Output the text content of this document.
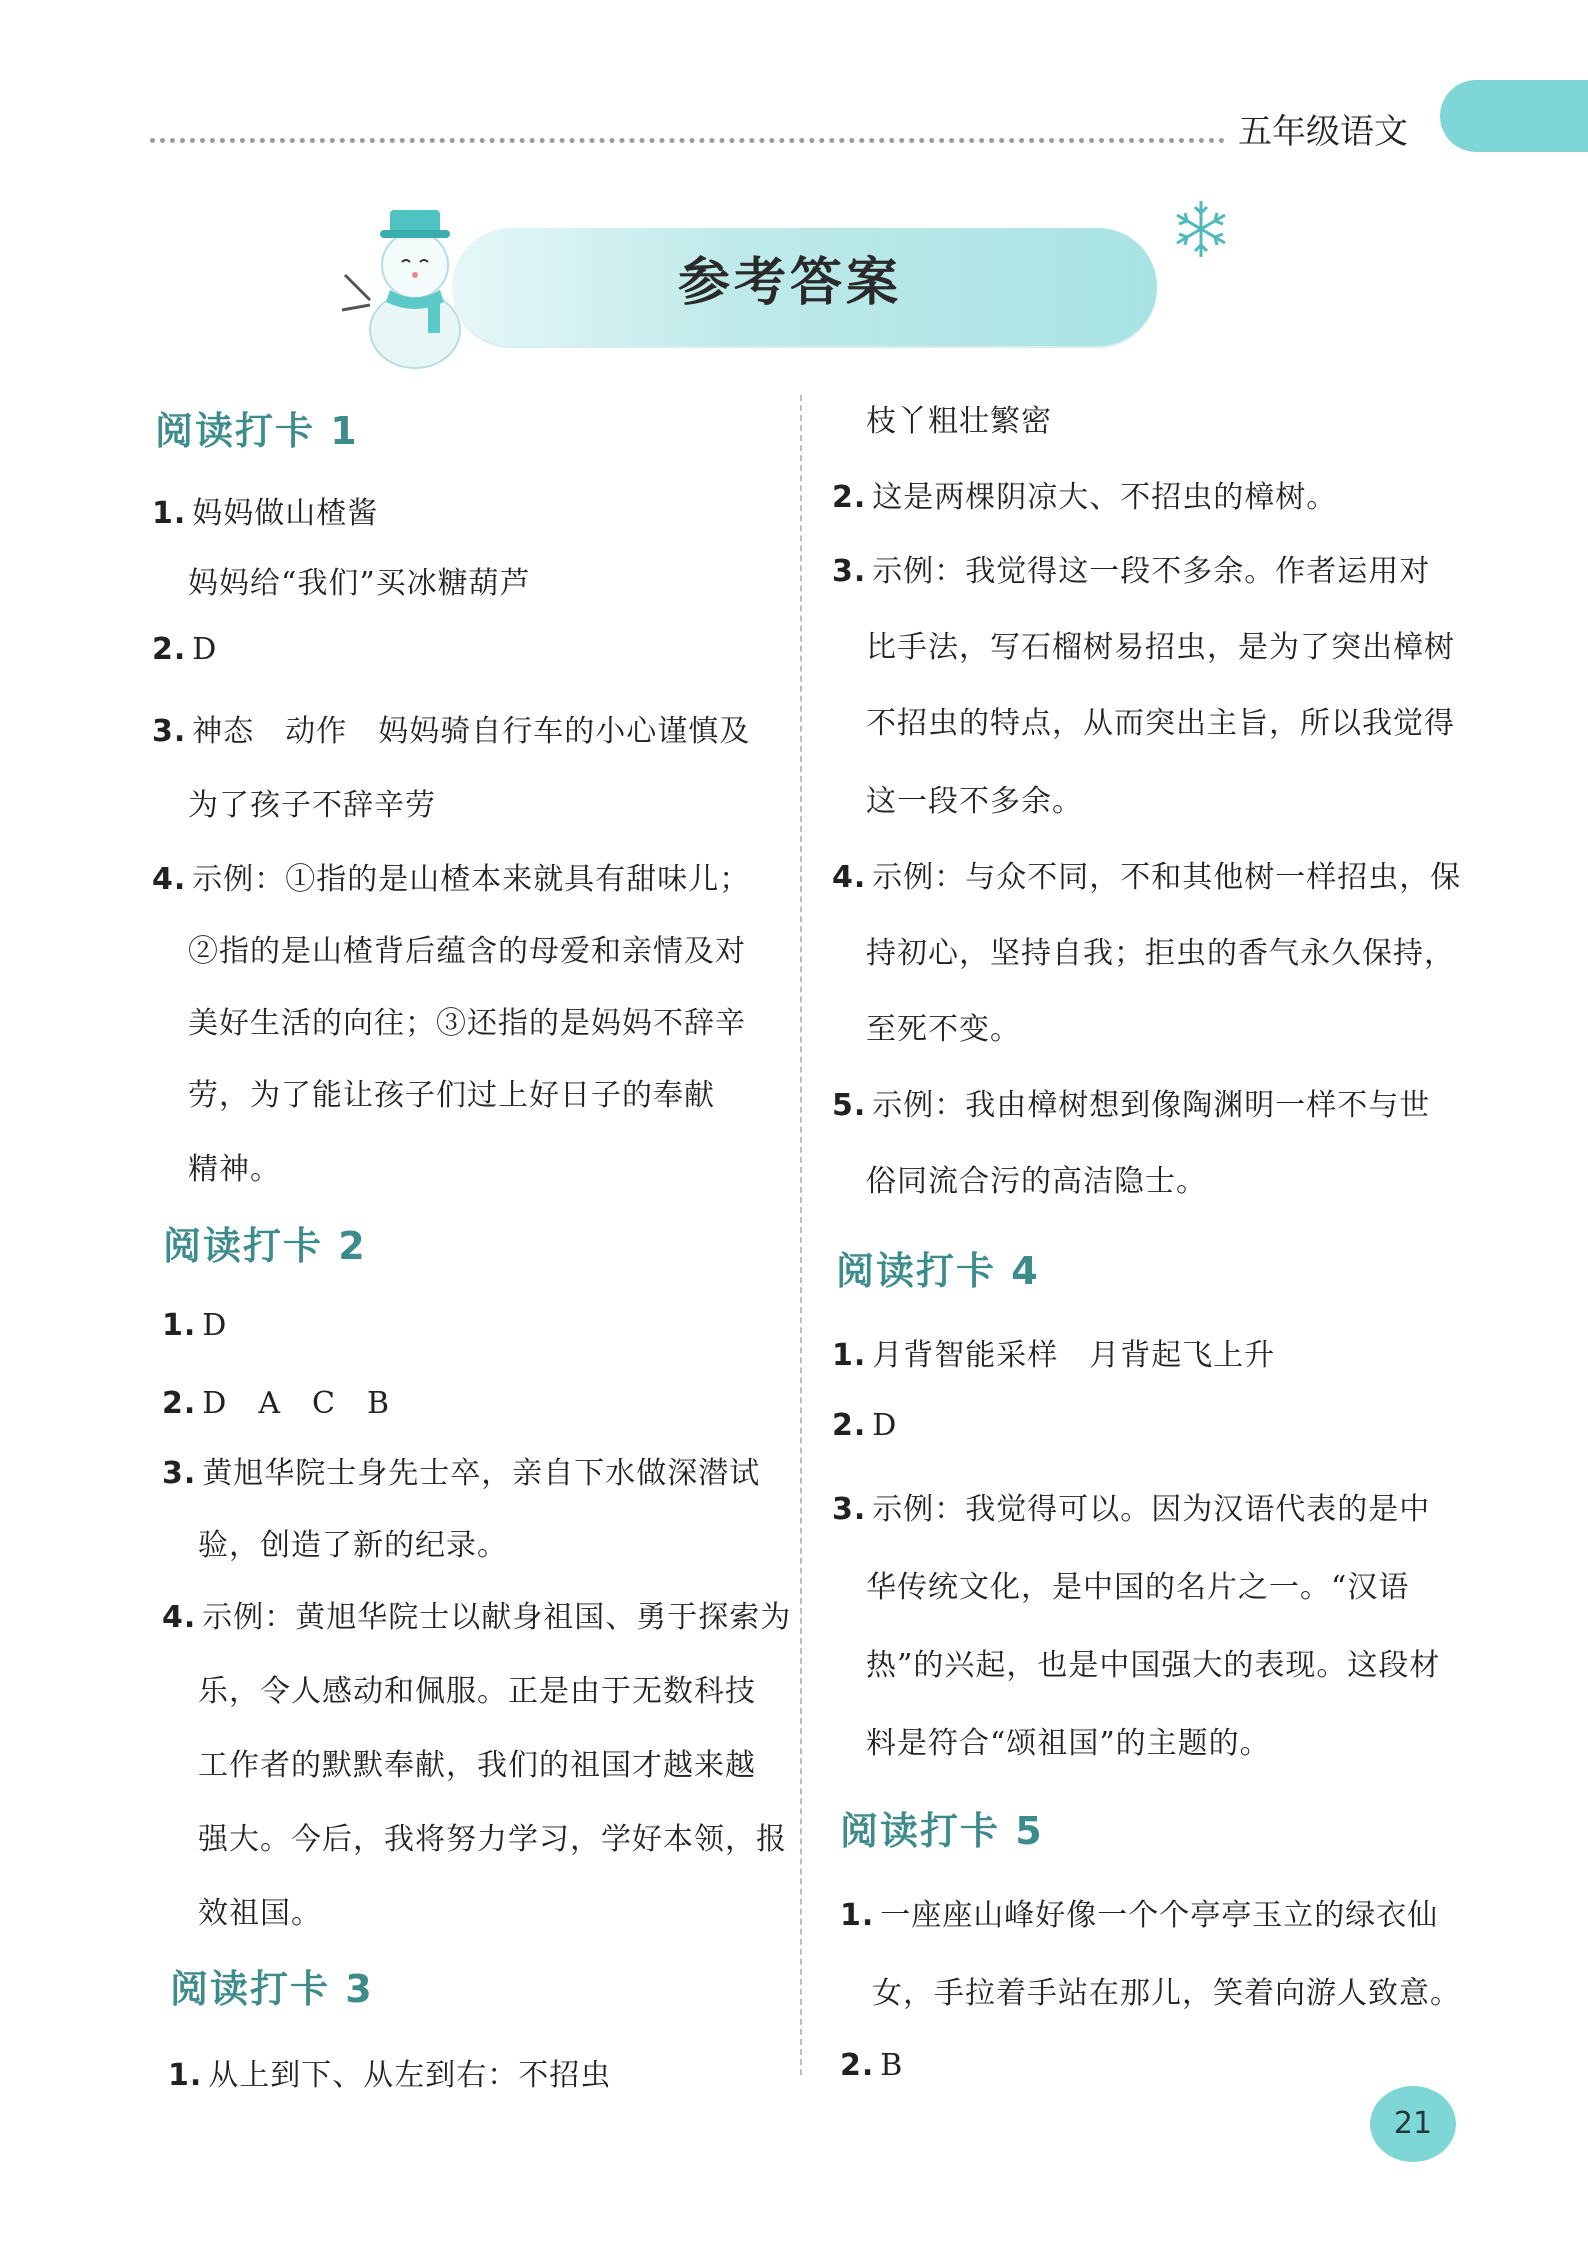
五年级语文
参考答案
阅读打卡 1
1. 妈妈做山楂酱
妈妈给“我们”买冰糖葫芦
2. D
3. 神态　动作　妈妈骑自行车的小心谨慎及
为了孩子不辞辛劳
4. 示例：①指的是山楂本来就具有甜味儿；
②指的是山楂背后蕴含的母爱和亲情及对
美好生活的向往；③还指的是妈妈不辞辛
劳，为了能让孩子们过上好日子的奉献
精神。
阅读打卡 2
1. D
2. D　A　C　B
3. 黄旭华院士身先士卒，亲自下水做深潜试
验，创造了新的纪录。
4. 示例：黄旭华院士以献身祖国、勇于探索为
乐，令人感动和佩服。正是由于无数科技
工作者的默默奉献，我们的祖国才越来越
强大。今后，我将努力学习，学好本领，报
效祖国。
阅读打卡 3
1. 从上到下、从左到右：不招虫
枝丫粗壮繁密
2. 这是两棵阴凉大、不招虫的樟树。
3. 示例：我觉得这一段不多余。作者运用对
比手法，写石榴树易招虫，是为了突出樟树
不招虫的特点，从而突出主旨，所以我觉得
这一段不多余。
4. 示例：与众不同，不和其他树一样招虫，保
持初心，坚持自我；拒虫的香气永久保持，
至死不变。
5. 示例：我由樟树想到像陶渊明一样不与世
俗同流合污的高洁隐士。
阅读打卡 4
1. 月背智能采样　月背起飞上升
2. D
3. 示例：我觉得可以。因为汉语代表的是中
华传统文化，是中国的名片之一。“汉语
热”的兴起，也是中国强大的表现。这段材
料是符合“颂祖国”的主题的。
阅读打卡 5
1. 一座座山峰好像一个个亭亭玉立的绿衣仙
女，手拉着手站在那儿，笑着向游人致意。
2. B
21
